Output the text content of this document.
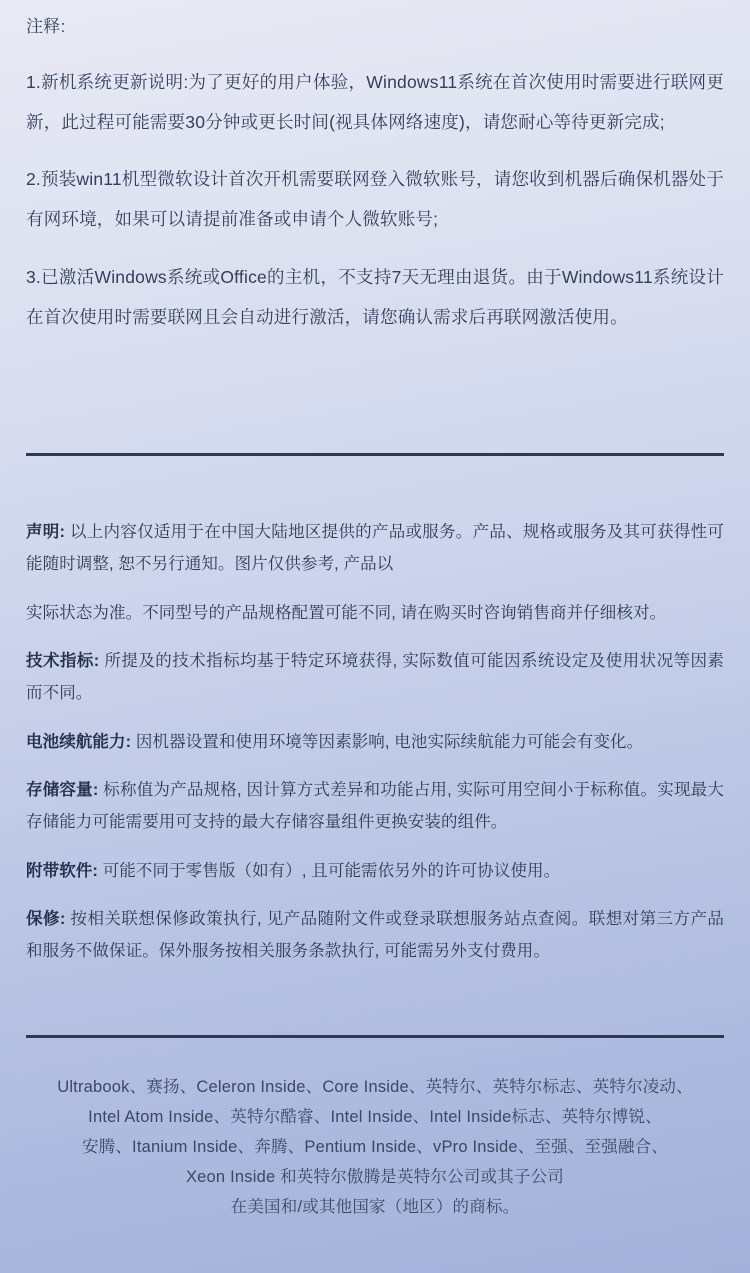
注释:

1.新机系统更新说明:为了更好的用户体验，Windows11系统在首次使用时需要进行联网更新，此过程可能需要30分钟或更长时间(视具体网络速度)，请您耐心等待更新完成;

2.预装win11机型微软设计首次开机需要联网登入微软账号，请您收到机器后确保机器处于有网环境，如果可以请提前准备或申请个人微软账号;

3.已激活Windows系统或Office的主机，不支持7天无理由退货。由于Windows11系统设计在首次使用时需要联网且会自动进行激活，请您确认需求后再联网激活使用。

声明: 以上内容仅适用于在中国大陆地区提供的产品或服务。产品、规格或服务及其可获得性可能随时调整, 恕不另行通知。图片仅供参考, 产品以

实际状态为准。不同型号的产品规格配置可能不同, 请在购买时咨询销售商并仔细核对。

技术指标: 所提及的技术指标均基于特定环境获得, 实际数值可能因系统设定及使用状况等因素而不同。

电池续航能力: 因机器设置和使用环境等因素影响, 电池实际续航能力可能会有变化。

存储容量: 标称值为产品规格, 因计算方式差异和功能占用, 实际可用空间小于标称值。实现最大存储能力可能需要用可支持的最大存储容量组件更换安装的组件。

附带软件: 可能不同于零售版（如有）, 且可能需依另外的许可协议使用。

保修: 按相关联想保修政策执行, 见产品随附文件或登录联想服务站点查阅。联想对第三方产品和服务不做保证。保外服务按相关服务条款执行, 可能需另外支付费用。

Ultrabook、赛扬、Celeron Inside、Core Inside、英特尔、英特尔标志、英特尔凌动、
Intel Atom Inside、英特尔酷睿、Intel Inside、Intel Inside标志、英特尔博锐、
安腾、Itanium Inside、奔腾、Pentium Inside、vPro Inside、至强、至强融合、
Xeon Inside 和英特尔傲腾是英特尔公司或其子公司
在美国和/或其他国家（地区）的商标。
